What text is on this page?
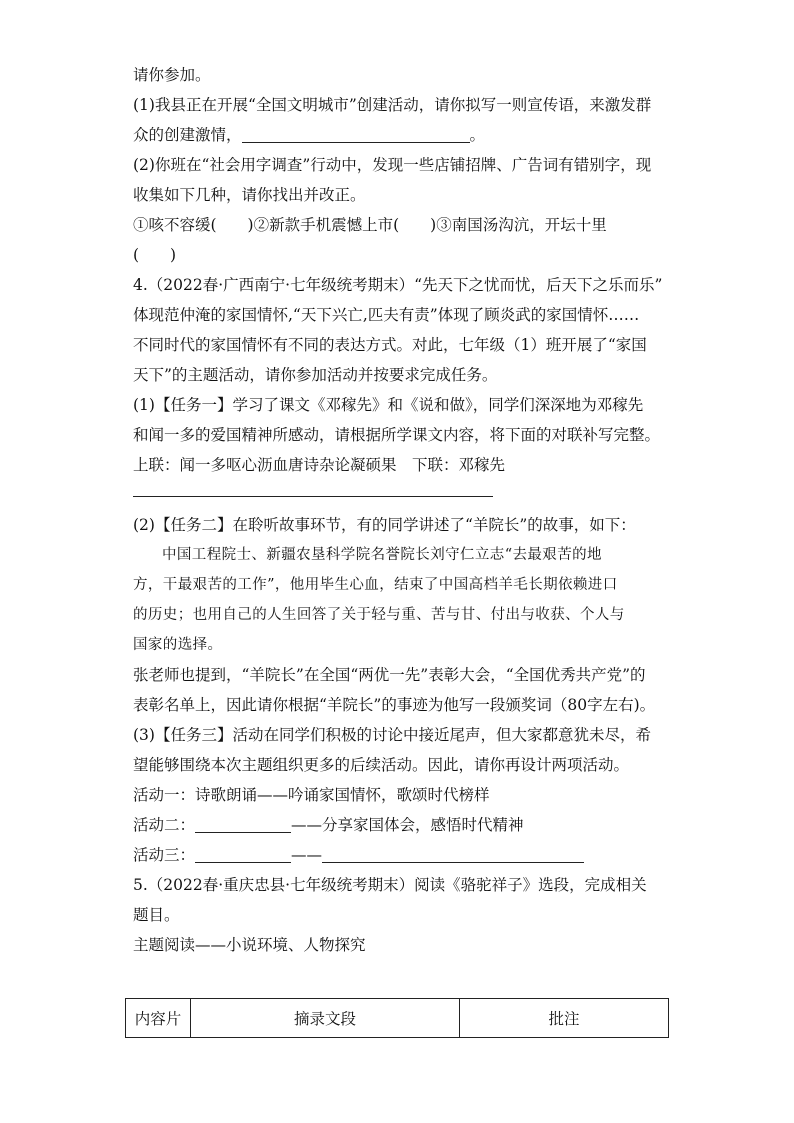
请你参加。
(1)我县正在开展“全国文明城市”创建活动，请你拟写一则宣传语，来激发群
众的创建激情，	。
(2)你班在“社会用字调查”行动中，发现一些店铺招牌、广告词有错别字，现
收集如下几种，请你找出并改正。
①咳不容缓(　　)②新款手机震憾上市(　　)③南国汤沟沆，开坛十里
(　　)
4.（2022春·广西南宁·七年级统考期末）“先天下之忧而忧，后天下之乐而乐”
体现范仲淹的家国情怀,“天下兴亡,匹夫有责”体现了顾炎武的家国情怀……
不同时代的家国情怀有不同的表达方式。对此，七年级（1）班开展了“家国
天下”的主题活动，请你参加活动并按要求完成任务。
(1)【任务一】学习了课文《邓稼先》和《说和做》，同学们深深地为邓稼先
和闻一多的爱国精神所感动，请根据所学课文内容，将下面的对联补写完整。
上联：闻一多呕心沥血唐诗杂论凝硕果　下联：邓稼先
(2)【任务二】在聆听故事环节，有的同学讲述了“羊院长”的故事，如下：
中国工程院士、新疆农垦科学院名誉院长刘守仁立志“去最艰苦的地
方，干最艰苦的工作”，他用毕生心血，结束了中国高档羊毛长期依赖进口
的历史；也用自己的人生回答了关于轻与重、苦与甘、付出与收获、个人与
国家的选择。
张老师也提到，“羊院长”在全国“两优一先”表彰大会，“全国优秀共产党”的
表彰名单上，因此请你根据“羊院长”的事迹为他写一段颁奖词（80字左右)。
(3)【任务三】活动在同学们积极的讨论中接近尾声，但大家都意犹未尽，希
望能够围绕本次主题组织更多的后续活动。因此，请你再设计两项活动。
活动一：诗歌朗诵——吟诵家国情怀，歌颂时代榜样
活动二：	——分享家国体会，感悟时代精神
活动三：	——
5.（2022春·重庆忠县·七年级统考期末）阅读《骆驼祥子》选段，完成相关
题目。
主题阅读——小说环境、人物探究
内容片	摘录文段	批注
